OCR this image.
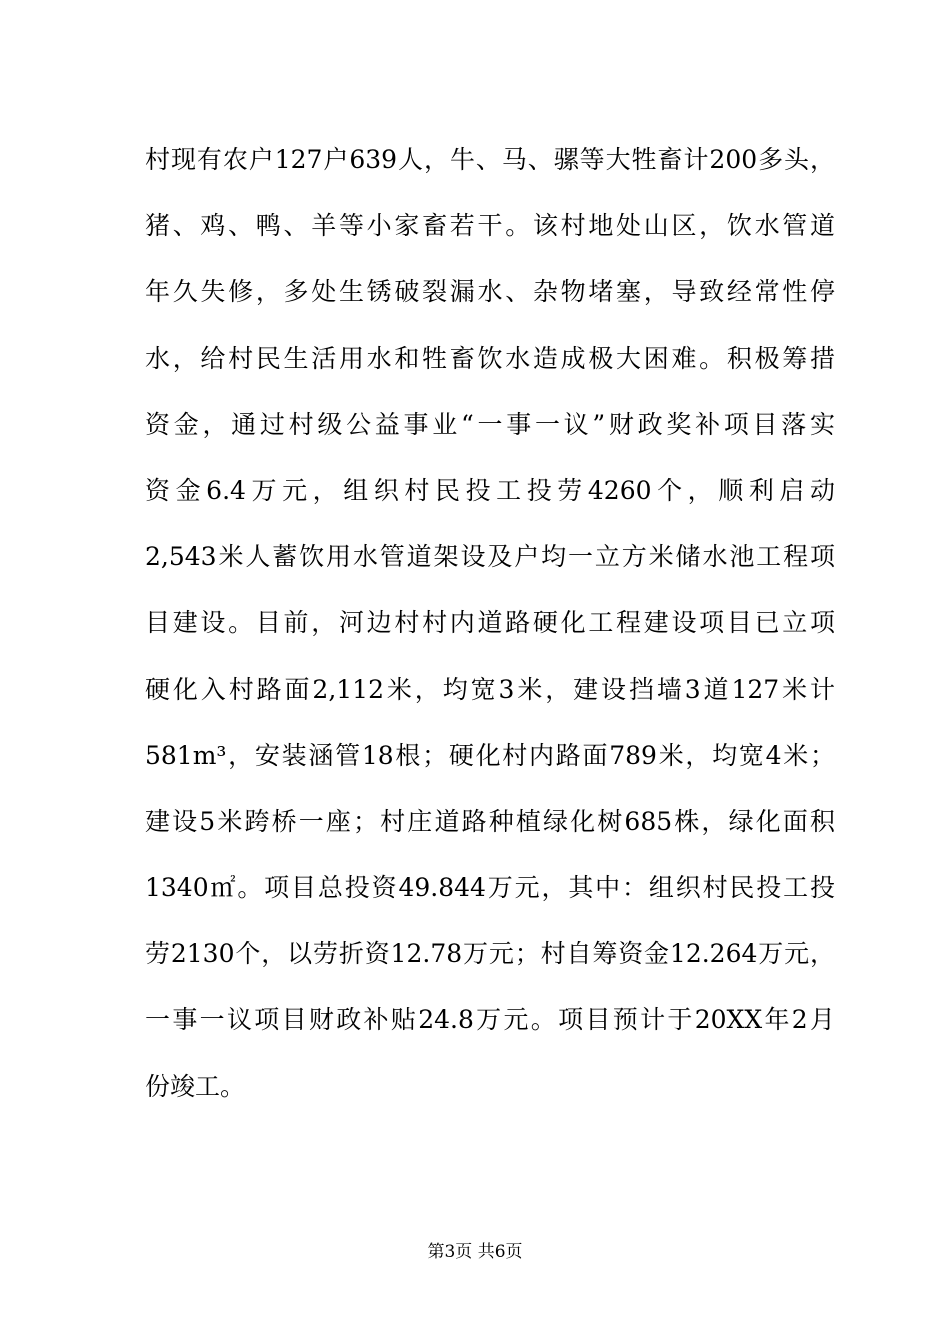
村现有农户127户639人，牛、马、骡等大牲畜计200多头，
猪、鸡、鸭、羊等小家畜若干。该村地处山区，饮水管道
年久失修，多处生锈破裂漏水、杂物堵塞，导致经常性停
水，给村民生活用水和牲畜饮水造成极大困难。积极筹措
资金，通过村级公益事业“一事一议”财政奖补项目落实
资金6.4万元，组织村民投工投劳4260个，顺利启动
2,543米人蓄饮用水管道架设及户均一立方米储水池工程项
目建设。目前，河边村村内道路硬化工程建设项目已立项
硬化入村路面2,112米，均宽3米，建设挡墙3道127米计
581m³，安装涵管18根；硬化村内路面789米，均宽4米；
建设5米跨桥一座；村庄道路种植绿化树685株，绿化面积
1340㎡。项目总投资49.844万元，其中：组织村民投工投
劳2130个，以劳折资12.78万元；村自筹资金12.264万元，
一事一议项目财政补贴24.8万元。项目预计于20XX年2月
份竣工。
第3页 共6页
